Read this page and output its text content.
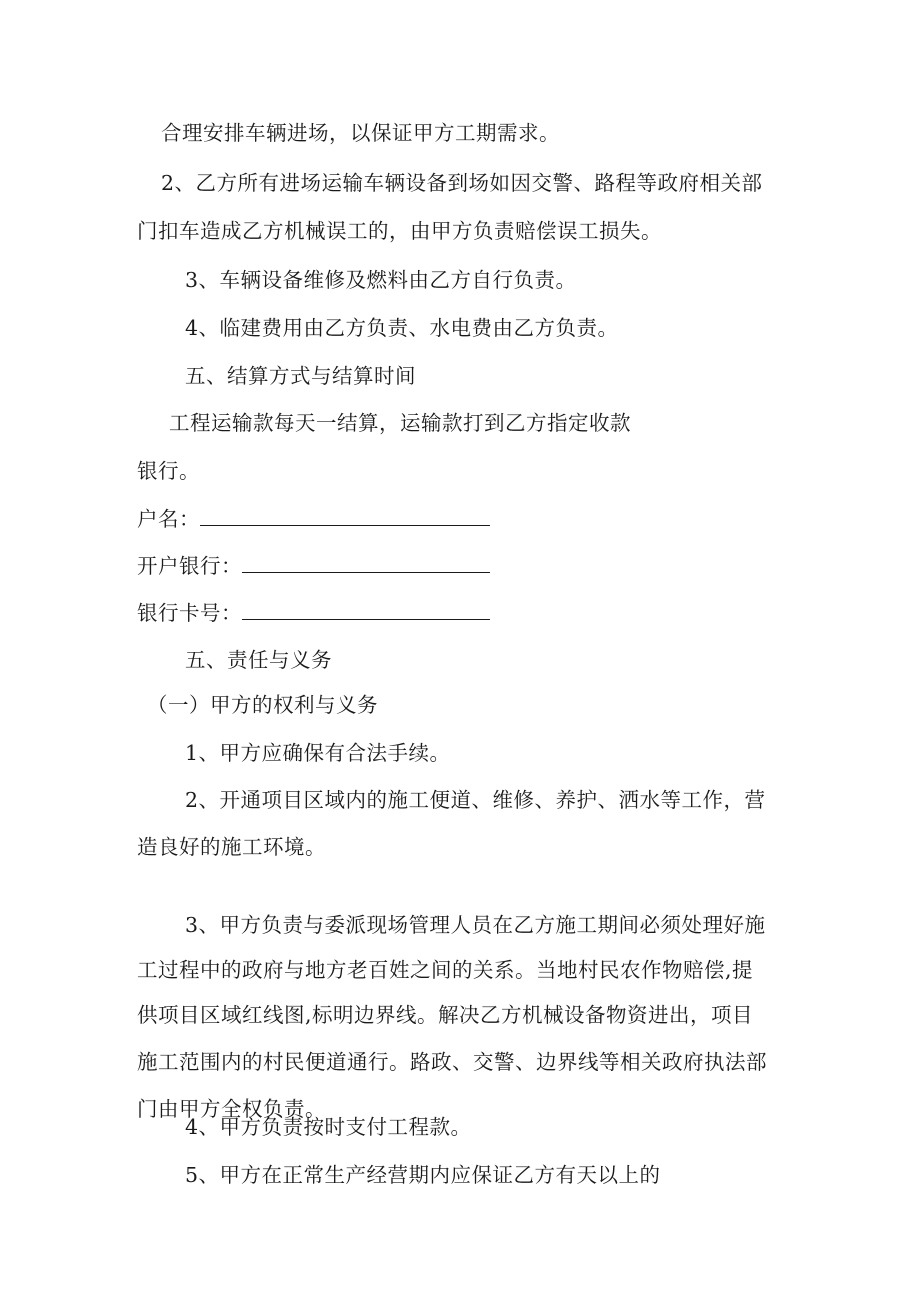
合理安排车辆进场，以保证甲方工期需求。
2、乙方所有进场运输车辆设备到场如因交警、路程等政府相关部
门扣车造成乙方机械误工的，由甲方负责赔偿误工损失。
3、车辆设备维修及燃料由乙方自行负责。
4、临建费用由乙方负责、水电费由乙方负责。
五、结算方式与结算时间
工程运输款每天一结算，运输款打到乙方指定收款
银行。
户名：
开户银行：
银行卡号：
五、责任与义务
（一）甲方的权利与义务
1、甲方应确保有合法手续。
2、开通项目区域内的施工便道、维修、养护、洒水等工作，营
造良好的施工环境。
3、甲方负责与委派现场管理人员在乙方施工期间必须处理好施
工过程中的政府与地方老百姓之间的关系。当地村民农作物赔偿,提
供项目区域红线图,标明边界线。解决乙方机械设备物资进出，项目
施工范围内的村民便道通行。路政、交警、边界线等相关政府执法部
门由甲方全权负责。
4、甲方负责按时支付工程款。
5、甲方在正常生产经营期内应保证乙方有天以上的
